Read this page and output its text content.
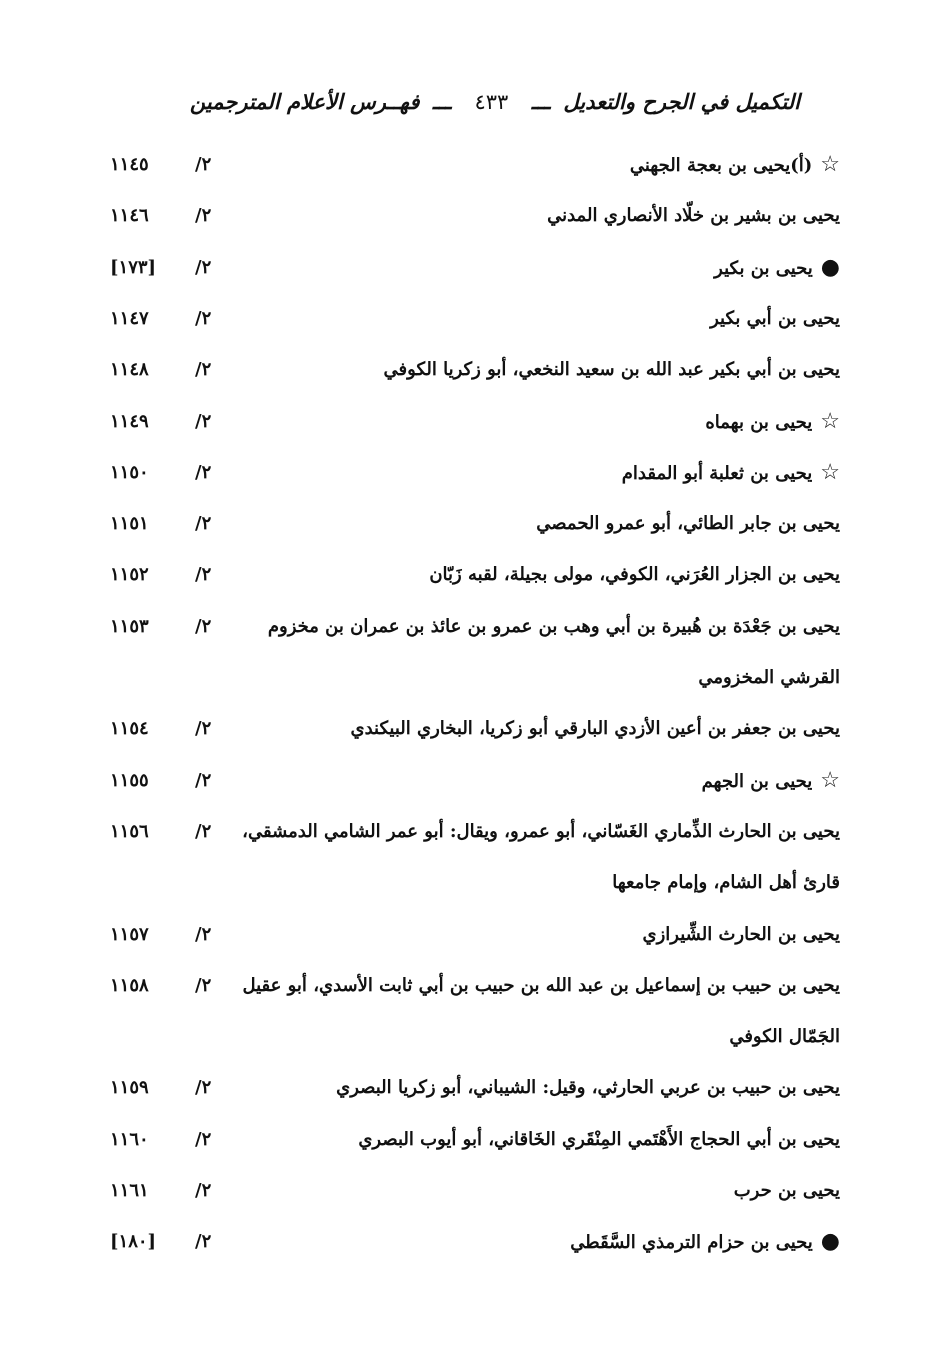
التكميل في الجرح والتعديل ـــ ٤٣٣ ـــ فهــرس الأعلام المترجمين
☆(أ)يحيى بن بعجة الجهني
٢/
١١٤٥
يحيى بن بشير بن خلّاد الأنصاري المدني
٢/
١١٤٦
●يحيى بن بكير
٢/
[١٧٣]
يحيى بن أبي بكير
٢/
١١٤٧
يحيى بن أبي بكير عبد الله بن سعيد النخعي، أبو زكريا الكوفي
٢/
١١٤٨
☆يحيى بن بهماه
٢/
١١٤٩
☆يحيى بن ثعلبة أبو المقدام
٢/
١١٥٠
يحيى بن جابر الطائي، أبو عمرو الحمصي
٢/
١١٥١
يحيى بن الجزار العُرَني، الكوفي، مولى بجيلة، لقبه زَبّان
٢/
١١٥٢
يحيى بن جَعْدَة بن هُبيرة بن أبي وهب بن عمرو بن عائذ بن عمران بن مخزوم
٢/
١١٥٣
القرشي المخزومي
يحيى بن جعفر بن أعين الأزدي البارقي أبو زكريا، البخاري البيكندي
٢/
١١٥٤
☆يحيى بن الجهم
٢/
١١٥٥
يحيى بن الحارث الذِّماري الغَسّاني، أبو عمرو، ويقال: أبو عمر الشامي الدمشقي،
٢/
١١٥٦
قارئ أهل الشام، وإمام جامعها
يحيى بن الحارث الشِّيرازي
٢/
١١٥٧
يحيى بن حبيب بن إسماعيل بن عبد الله بن حبيب بن أبي ثابت الأسدي، أبو عقيل
٢/
١١٥٨
الجَمّال الكوفي
يحيى بن حبيب بن عربي الحارثي، وقيل: الشيباني، أبو زكريا البصري
٢/
١١٥٩
يحيى بن أبي الحجاج الأَهْتَمي المِنْقَري الخَاقاني، أبو أيوب البصري
٢/
١١٦٠
يحيى بن حرب
٢/
١١٦١
●يحيى بن حزام الترمذي السَّقَطي
٢/
[١٨٠]
